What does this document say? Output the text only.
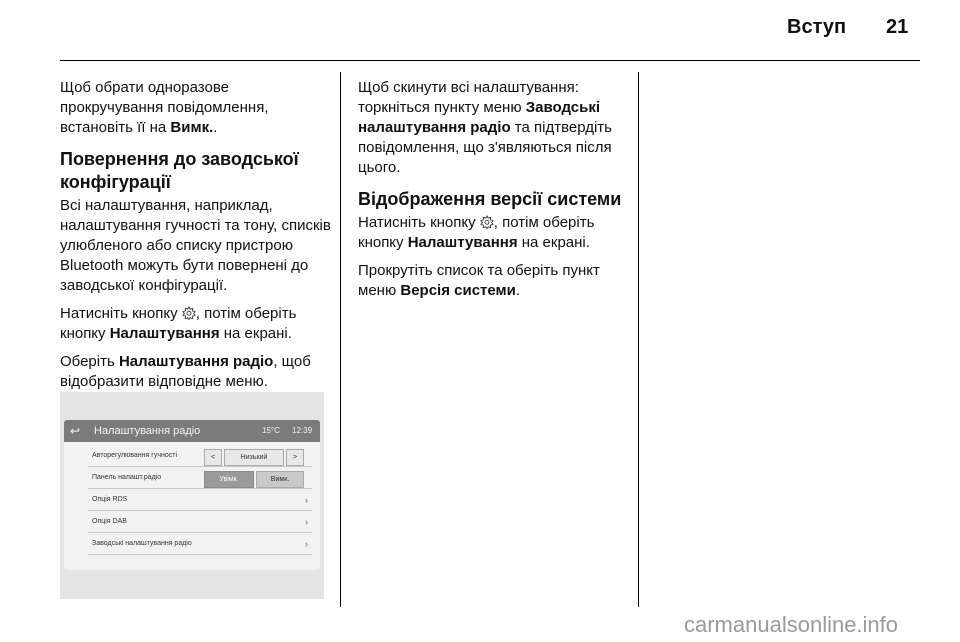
Вступ 21

Щоб обрати одноразове прокручування повідомлення, встановіть її на Вимк..

Повернення до заводської конфігурації

Всі налаштування, наприклад, налаштування гучності та тону, списків улюбленого або списку пристрою Bluetooth можуть бути повернені до заводської конфігурації.

Натисніть кнопку , потім оберіть кнопку Налаштування на екрані.

Оберіть Налаштування радіо, щоб відобразити відповідне меню.

↩ Налаштування радіо	15°C 12:39
Авторегулювання гучності	<	Низький	>
Панель налашт.радіо	Увімк.	Вимк.
Опція RDS	›
Опція DAB	›
Заводські налаштування радіо	›

Щоб скинути всі налаштування: торкніться пункту меню Заводські налаштування радіо та підтвердіть повідомлення, що з'являються після цього.

Відображення версії системи

Натисніть кнопку , потім оберіть кнопку Налаштування на екрані.

Прокрутіть список та оберіть пункт меню Версія системи.

carmanualsonline.info
